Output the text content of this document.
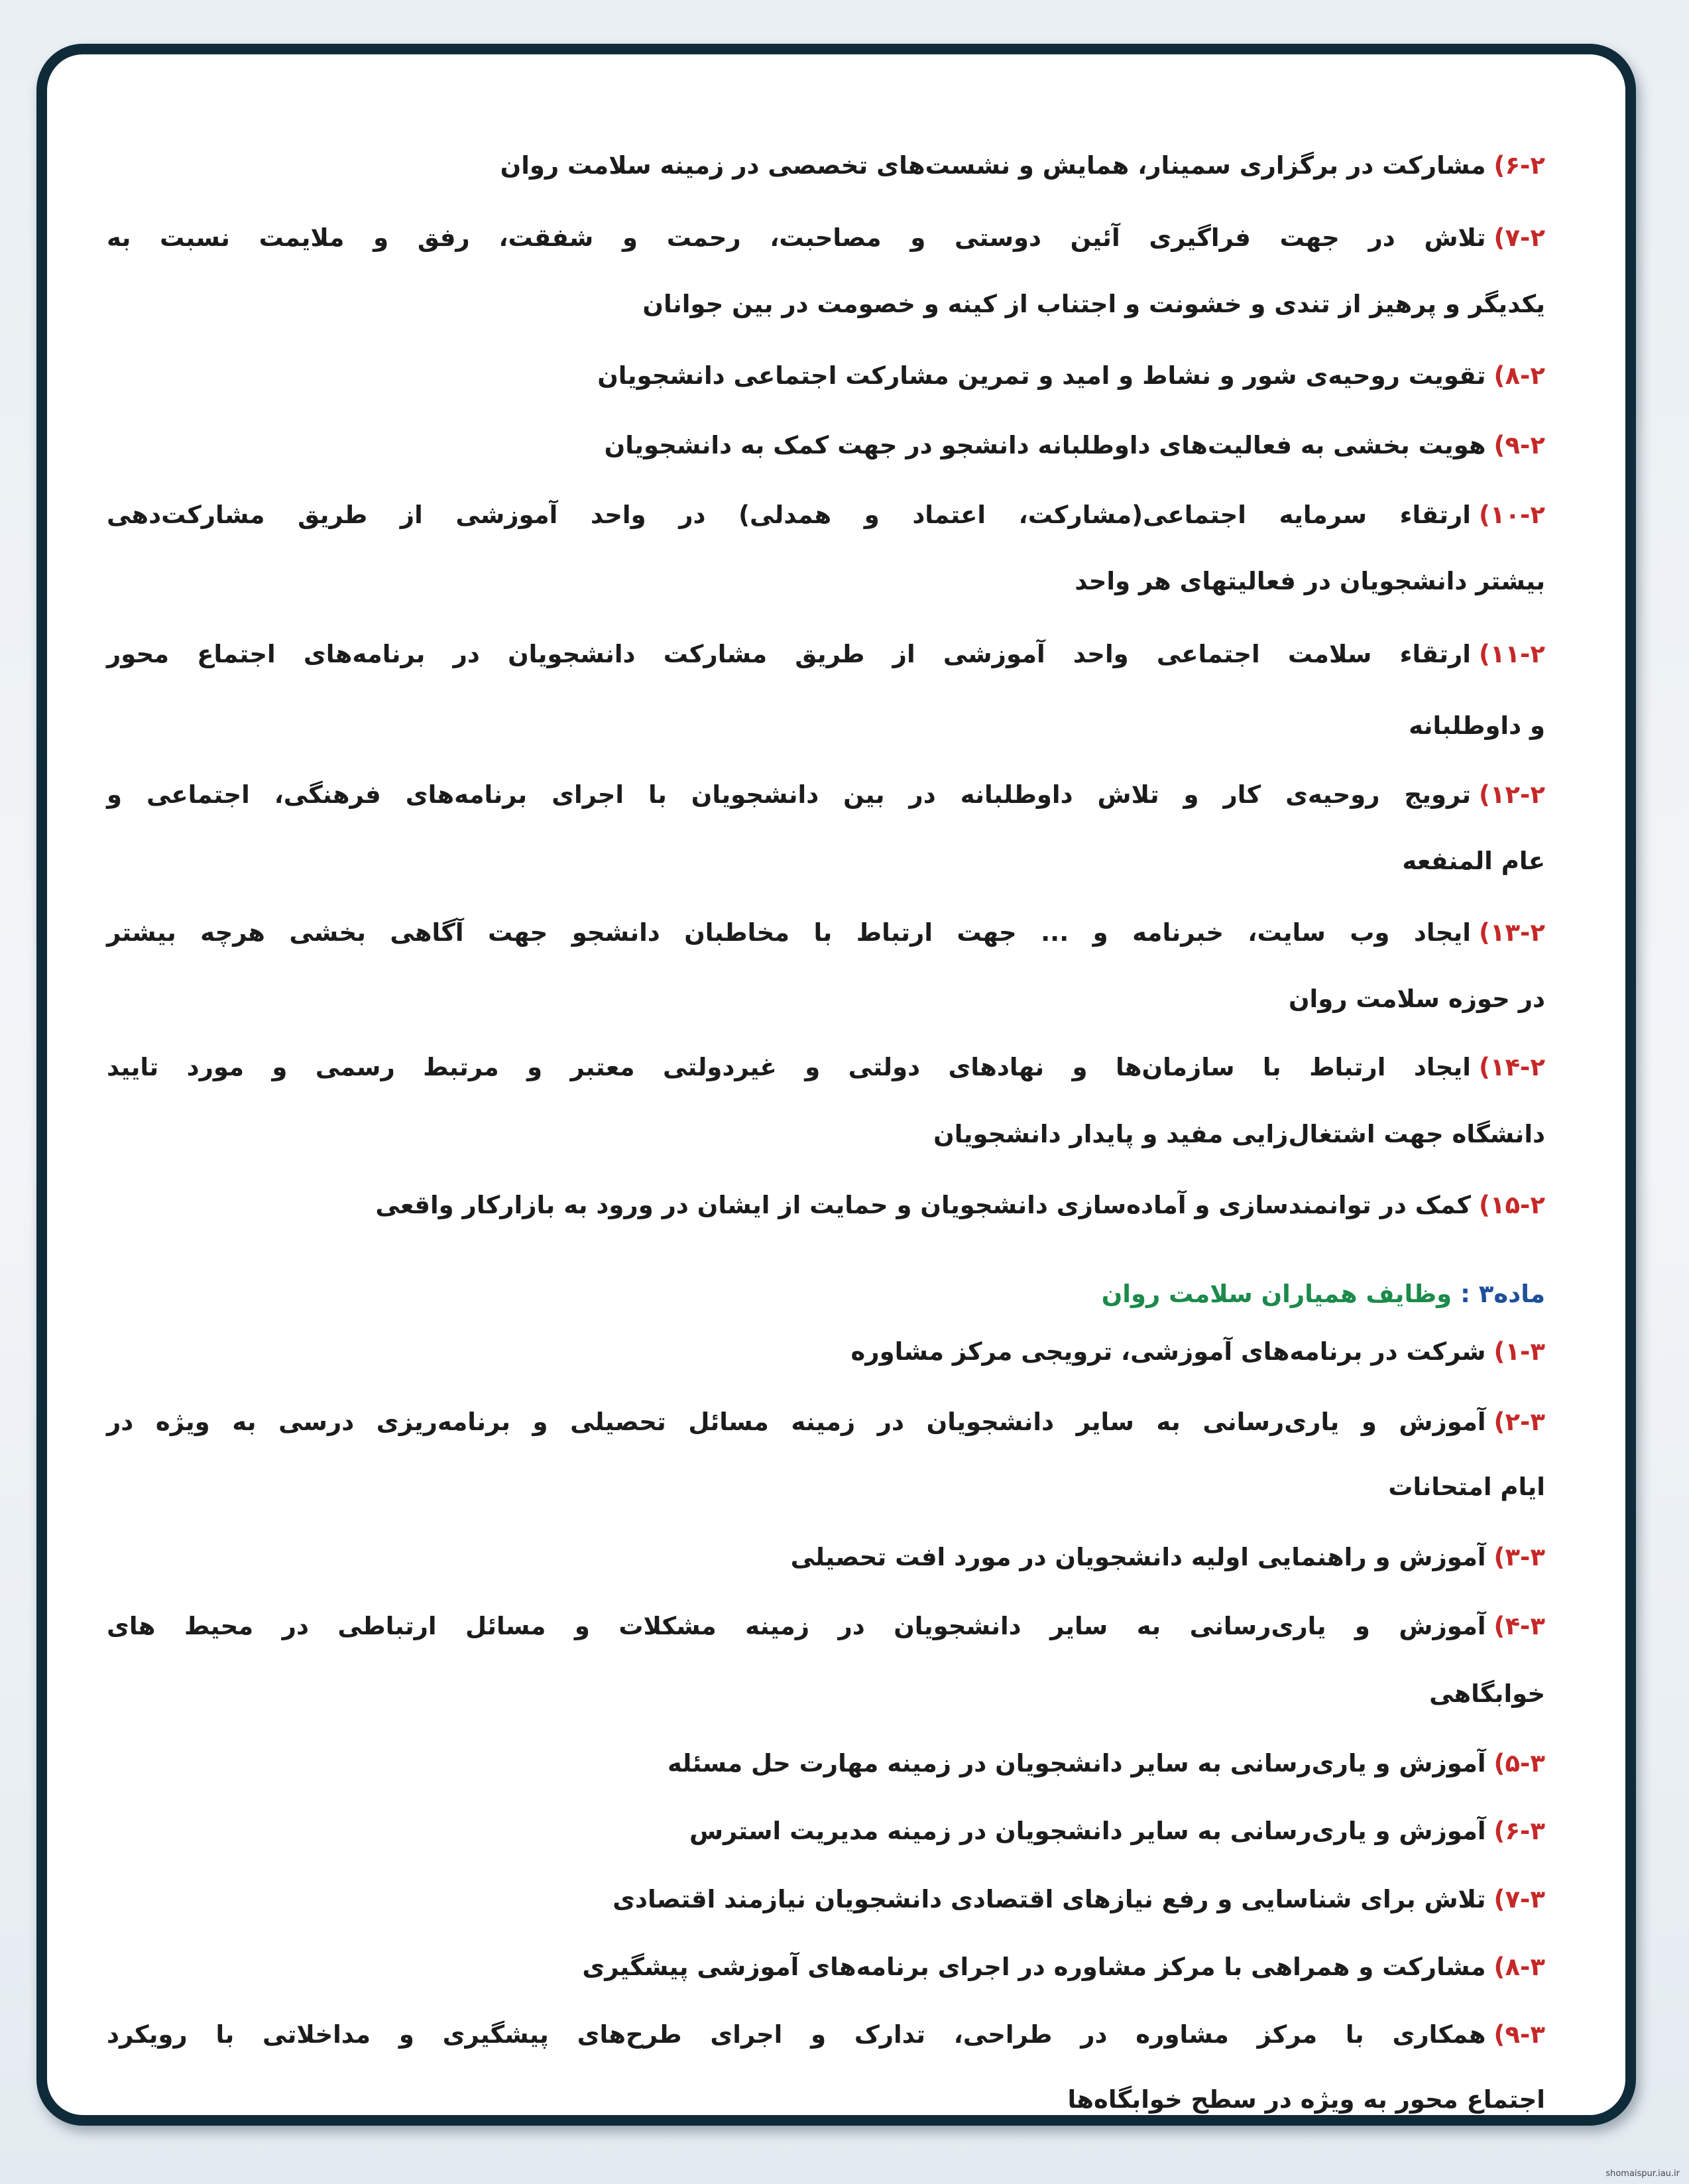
۶-۲)مشارکت در برگزاری سمینار، همایش و نشست‌های تخصصی در زمینه سلامت روان
۷-۲)تلاش در جهت فراگیری آئین دوستی و مصاحبت، رحمت و شفقت، رفق و ملایمت نسبت به
یکدیگر و پرهیز از تندی و خشونت و اجتناب از کینه و خصومت در بین جوانان
۸-۲)تقویت روحیه‌ی شور و نشاط و امید و تمرین مشارکت اجتماعی دانشجویان
۹-۲)هویت بخشی به فعالیت‌های داوطلبانه دانشجو در جهت کمک به دانشجویان
۱۰-۲)ارتقاء سرمایه اجتماعی(مشارکت، اعتماد و همدلی) در واحد آموزشی از طریق مشارکت‌دهی
بیشتر دانشجویان در فعالیتهای هر واحد
۱۱-۲)ارتقاء سلامت اجتماعی واحد آموزشی از طریق مشارکت دانشجویان در برنامه‌های اجتماع محور
و داوطلبانه
۱۲-۲)ترویج روحیه‌ی کار و تلاش داوطلبانه در بین دانشجویان با اجرای برنامه‌های فرهنگی، اجتماعی و
عام المنفعه
۱۳-۲)ایجاد وب سایت، خبرنامه و ... جهت ارتباط با مخاطبان دانشجو جهت آگاهی بخشی هرچه بیشتر
در حوزه سلامت روان
۱۴-۲)ایجاد ارتباط با سازمان‌ها و نهادهای دولتی و غیردولتی معتبر و مرتبط رسمی و مورد تایید
دانشگاه جهت اشتغال‌زایی مفید و پایدار دانشجویان
۱۵-۲)کمک در توانمندسازی و آماده‌سازی دانشجویان و حمایت از ایشان در ورود به بازارکار واقعی
ماده۳ : وظایف همیاران سلامت روان
۱-۳)شرکت در برنامه‌های آموزشی، ترویجی مرکز مشاوره
۲-۳)آموزش و یاری‌رسانی به سایر دانشجویان در زمینه مسائل تحصیلی و برنامه‌ریزی درسی به ویژه در
ایام امتحانات
۳-۳)آموزش و راهنمایی اولیه دانشجویان در مورد افت تحصیلی
۴-۳)آموزش و یاری‌رسانی به سایر دانشجویان در زمینه مشکلات و مسائل ارتباطی در محیط های
خوابگاهی
۵-۳)آموزش و یاری‌رسانی به سایر دانشجویان در زمینه مهارت حل مسئله
۶-۳)آموزش و یاری‌رسانی به سایر دانشجویان در زمینه مدیریت استرس
۷-۳)تلاش برای شناسایی و رفع نیازهای اقتصادی دانشجویان نیازمند اقتصادی
۸-۳)مشارکت و همراهی با مرکز مشاوره در اجرای برنامه‌های آموزشی پیشگیری
۹-۳)همکاری با مرکز مشاوره در طراحی، تدارک و اجرای طرح‌های پیشگیری و مداخلاتی با رویکرد
اجتماع محور به ویژه در سطح خوابگاه‌ها
shomaispur.iau.ir
